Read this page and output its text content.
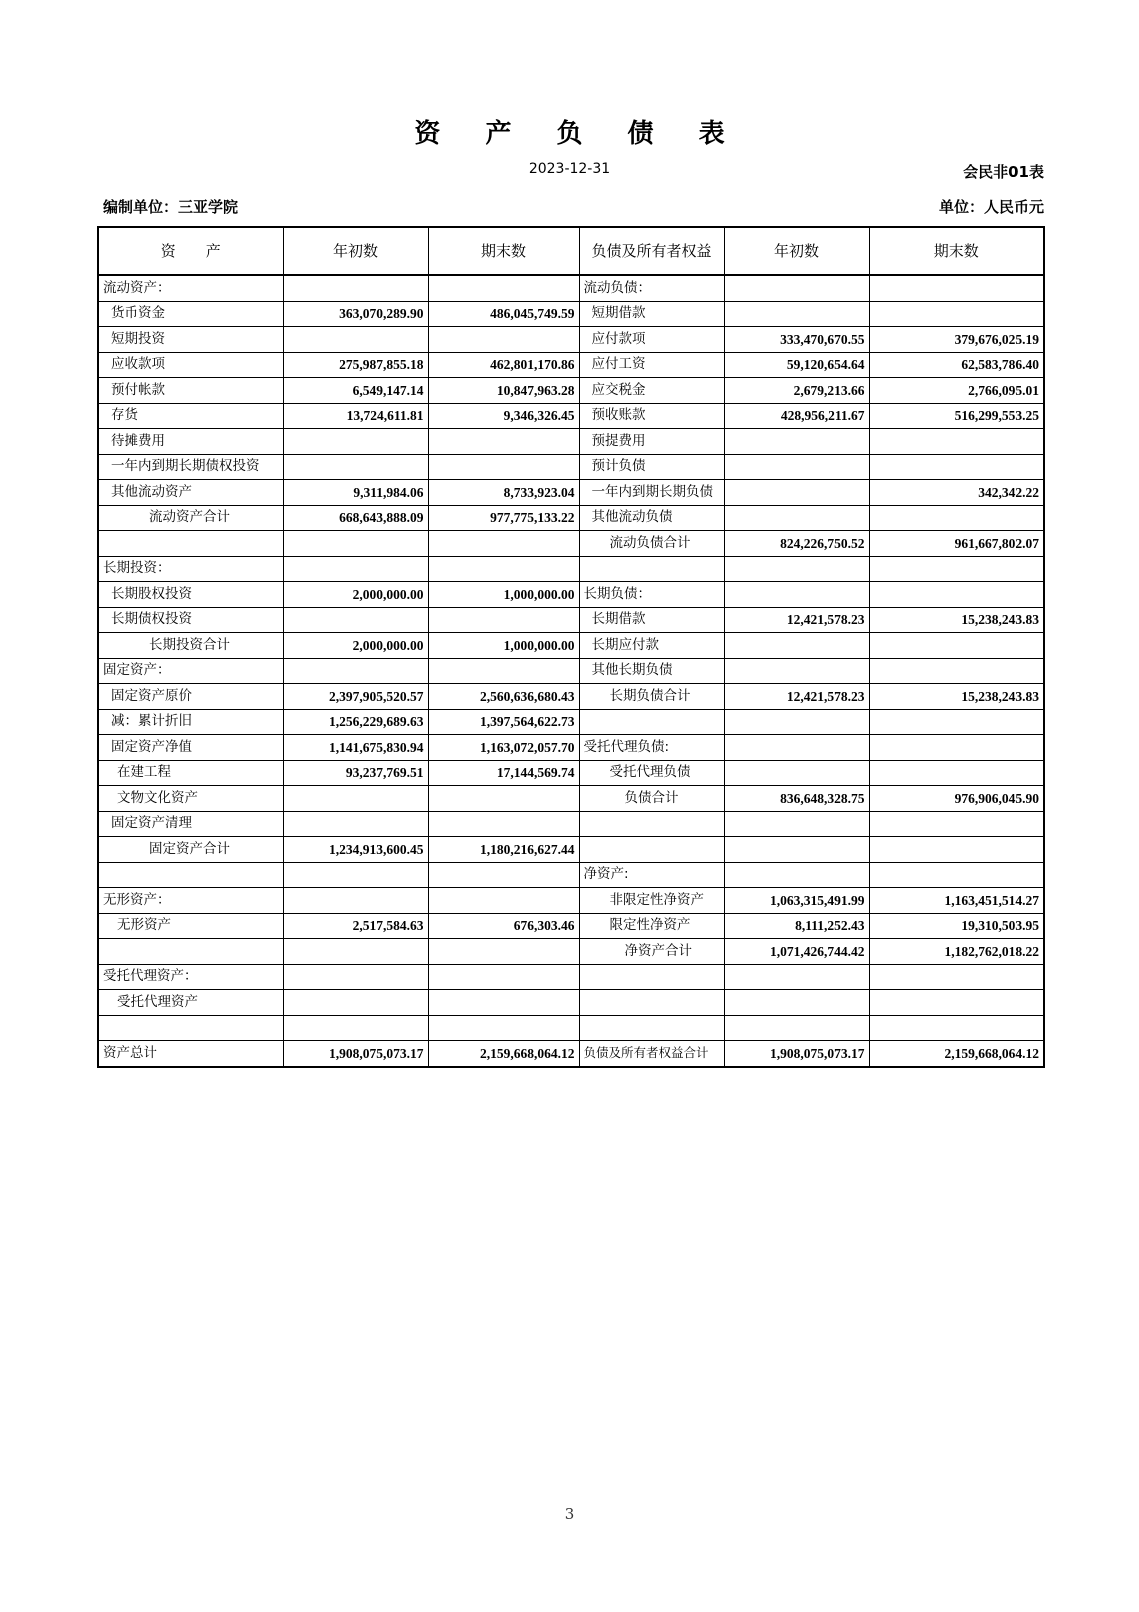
资 产 负 债 表
2023-12-31	会民非01表
编制单位：三亚学院	单位：人民币元
资　　产	年初数	期末数	负债及所有者权益	年初数	期末数
流动资产：			流动负债：		
货币资金	363,070,289.90	486,045,749.59	短期借款		
短期投资			应付款项	333,470,670.55	379,676,025.19
应收款项	275,987,855.18	462,801,170.86	应付工资	59,120,654.64	62,583,786.40
预付帐款	6,549,147.14	10,847,963.28	应交税金	2,679,213.66	2,766,095.01
存货	13,724,611.81	9,346,326.45	预收账款	428,956,211.67	516,299,553.25
待摊费用			预提费用		
一年内到期长期债权投资			预计负债		
其他流动资产	9,311,984.06	8,733,923.04	一年内到期长期负债		342,342.22
流动资产合计	668,643,888.09	977,775,133.22	其他流动负债		
			流动负债合计	824,226,750.52	961,667,802.07
长期投资：					
长期股权投资	2,000,000.00	1,000,000.00	长期负债：		
长期债权投资			长期借款	12,421,578.23	15,238,243.83
长期投资合计	2,000,000.00	1,000,000.00	长期应付款		
固定资产：			其他长期负债		
固定资产原价	2,397,905,520.57	2,560,636,680.43	长期负债合计	12,421,578.23	15,238,243.83
减：累计折旧	1,256,229,689.63	1,397,564,622.73			
固定资产净值	1,141,675,830.94	1,163,072,057.70	受托代理负债:		
在建工程	93,237,769.51	17,144,569.74	受托代理负债		
文物文化资产			负债合计	836,648,328.75	976,906,045.90
固定资产清理					
固定资产合计	1,234,913,600.45	1,180,216,627.44			
			净资产:		
无形资产：			非限定性净资产	1,063,315,491.99	1,163,451,514.27
无形资产	2,517,584.63	676,303.46	限定性净资产	8,111,252.43	19,310,503.95
			净资产合计	1,071,426,744.42	1,182,762,018.22
受托代理资产：					
受托代理资产					

资产总计	1,908,075,073.17	2,159,668,064.12	负债及所有者权益合计	1,908,075,073.17	2,159,668,064.12
3
